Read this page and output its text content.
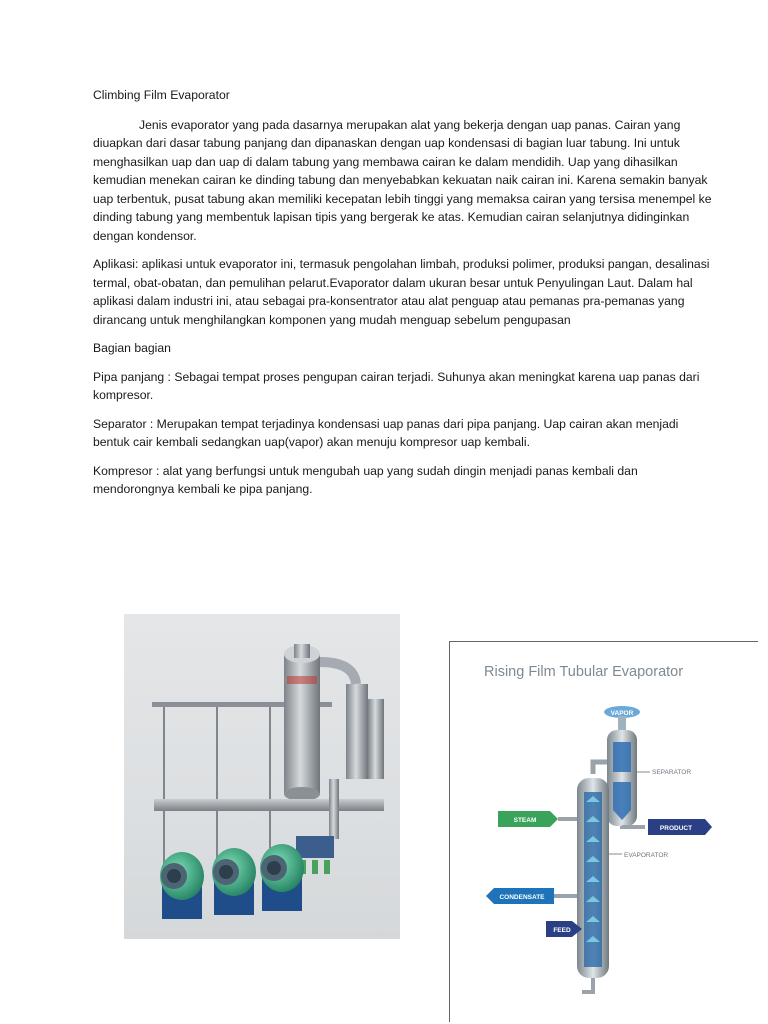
Climbing Film Evaporator

Jenis evaporator yang pada dasarnya merupakan alat yang bekerja dengan uap panas. Cairan yang diuapkan dari dasar tabung panjang dan dipanaskan dengan uap kondensasi di bagian luar tabung. Ini untuk menghasilkan uap dan uap di dalam tabung yang membawa cairan ke dalam mendidih. Uap yang dihasilkan kemudian menekan cairan ke dinding tabung dan menyebabkan kekuatan naik cairan ini. Karena semakin banyak uap terbentuk, pusat tabung akan memiliki kecepatan lebih tinggi yang memaksa cairan yang tersisa menempel ke dinding tabung yang membentuk lapisan tipis yang bergerak ke atas. Kemudian cairan selanjutnya didinginkan dengan kondensor.

Aplikasi: aplikasi untuk evaporator ini, termasuk pengolahan limbah, produksi polimer, produksi pangan, desalinasi termal, obat-obatan, dan pemulihan pelarut.Evaporator dalam ukuran besar untuk Penyulingan Laut. Dalam hal aplikasi dalam industri ini, atau sebagai pra-konsentrator atau alat penguap atau pemanas pra-pemanas yang dirancang untuk menghilangkan komponen yang mudah menguap sebelum pengupasan

Bagian bagian

Pipa panjang : Sebagai tempat proses pengupan cairan terjadi. Suhunya akan meningkat karena uap panas dari kompresor.

Separator : Merupakan tempat terjadinya kondensasi uap panas dari pipa panjang. Uap cairan akan menjadi bentuk cair kembali sedangkan uap(vapor) akan menuju kompresor uap kembali.

Kompresor : alat yang berfungsi untuk mengubah uap yang sudah dingin menjadi panas kembali dan mendorongnya kembali ke pipa panjang.

Rising Film Tubular Evaporator
VAPOR
SEPARATOR
PRODUCT
EVAPORATOR
STEAM
CONDENSATE
FEED
